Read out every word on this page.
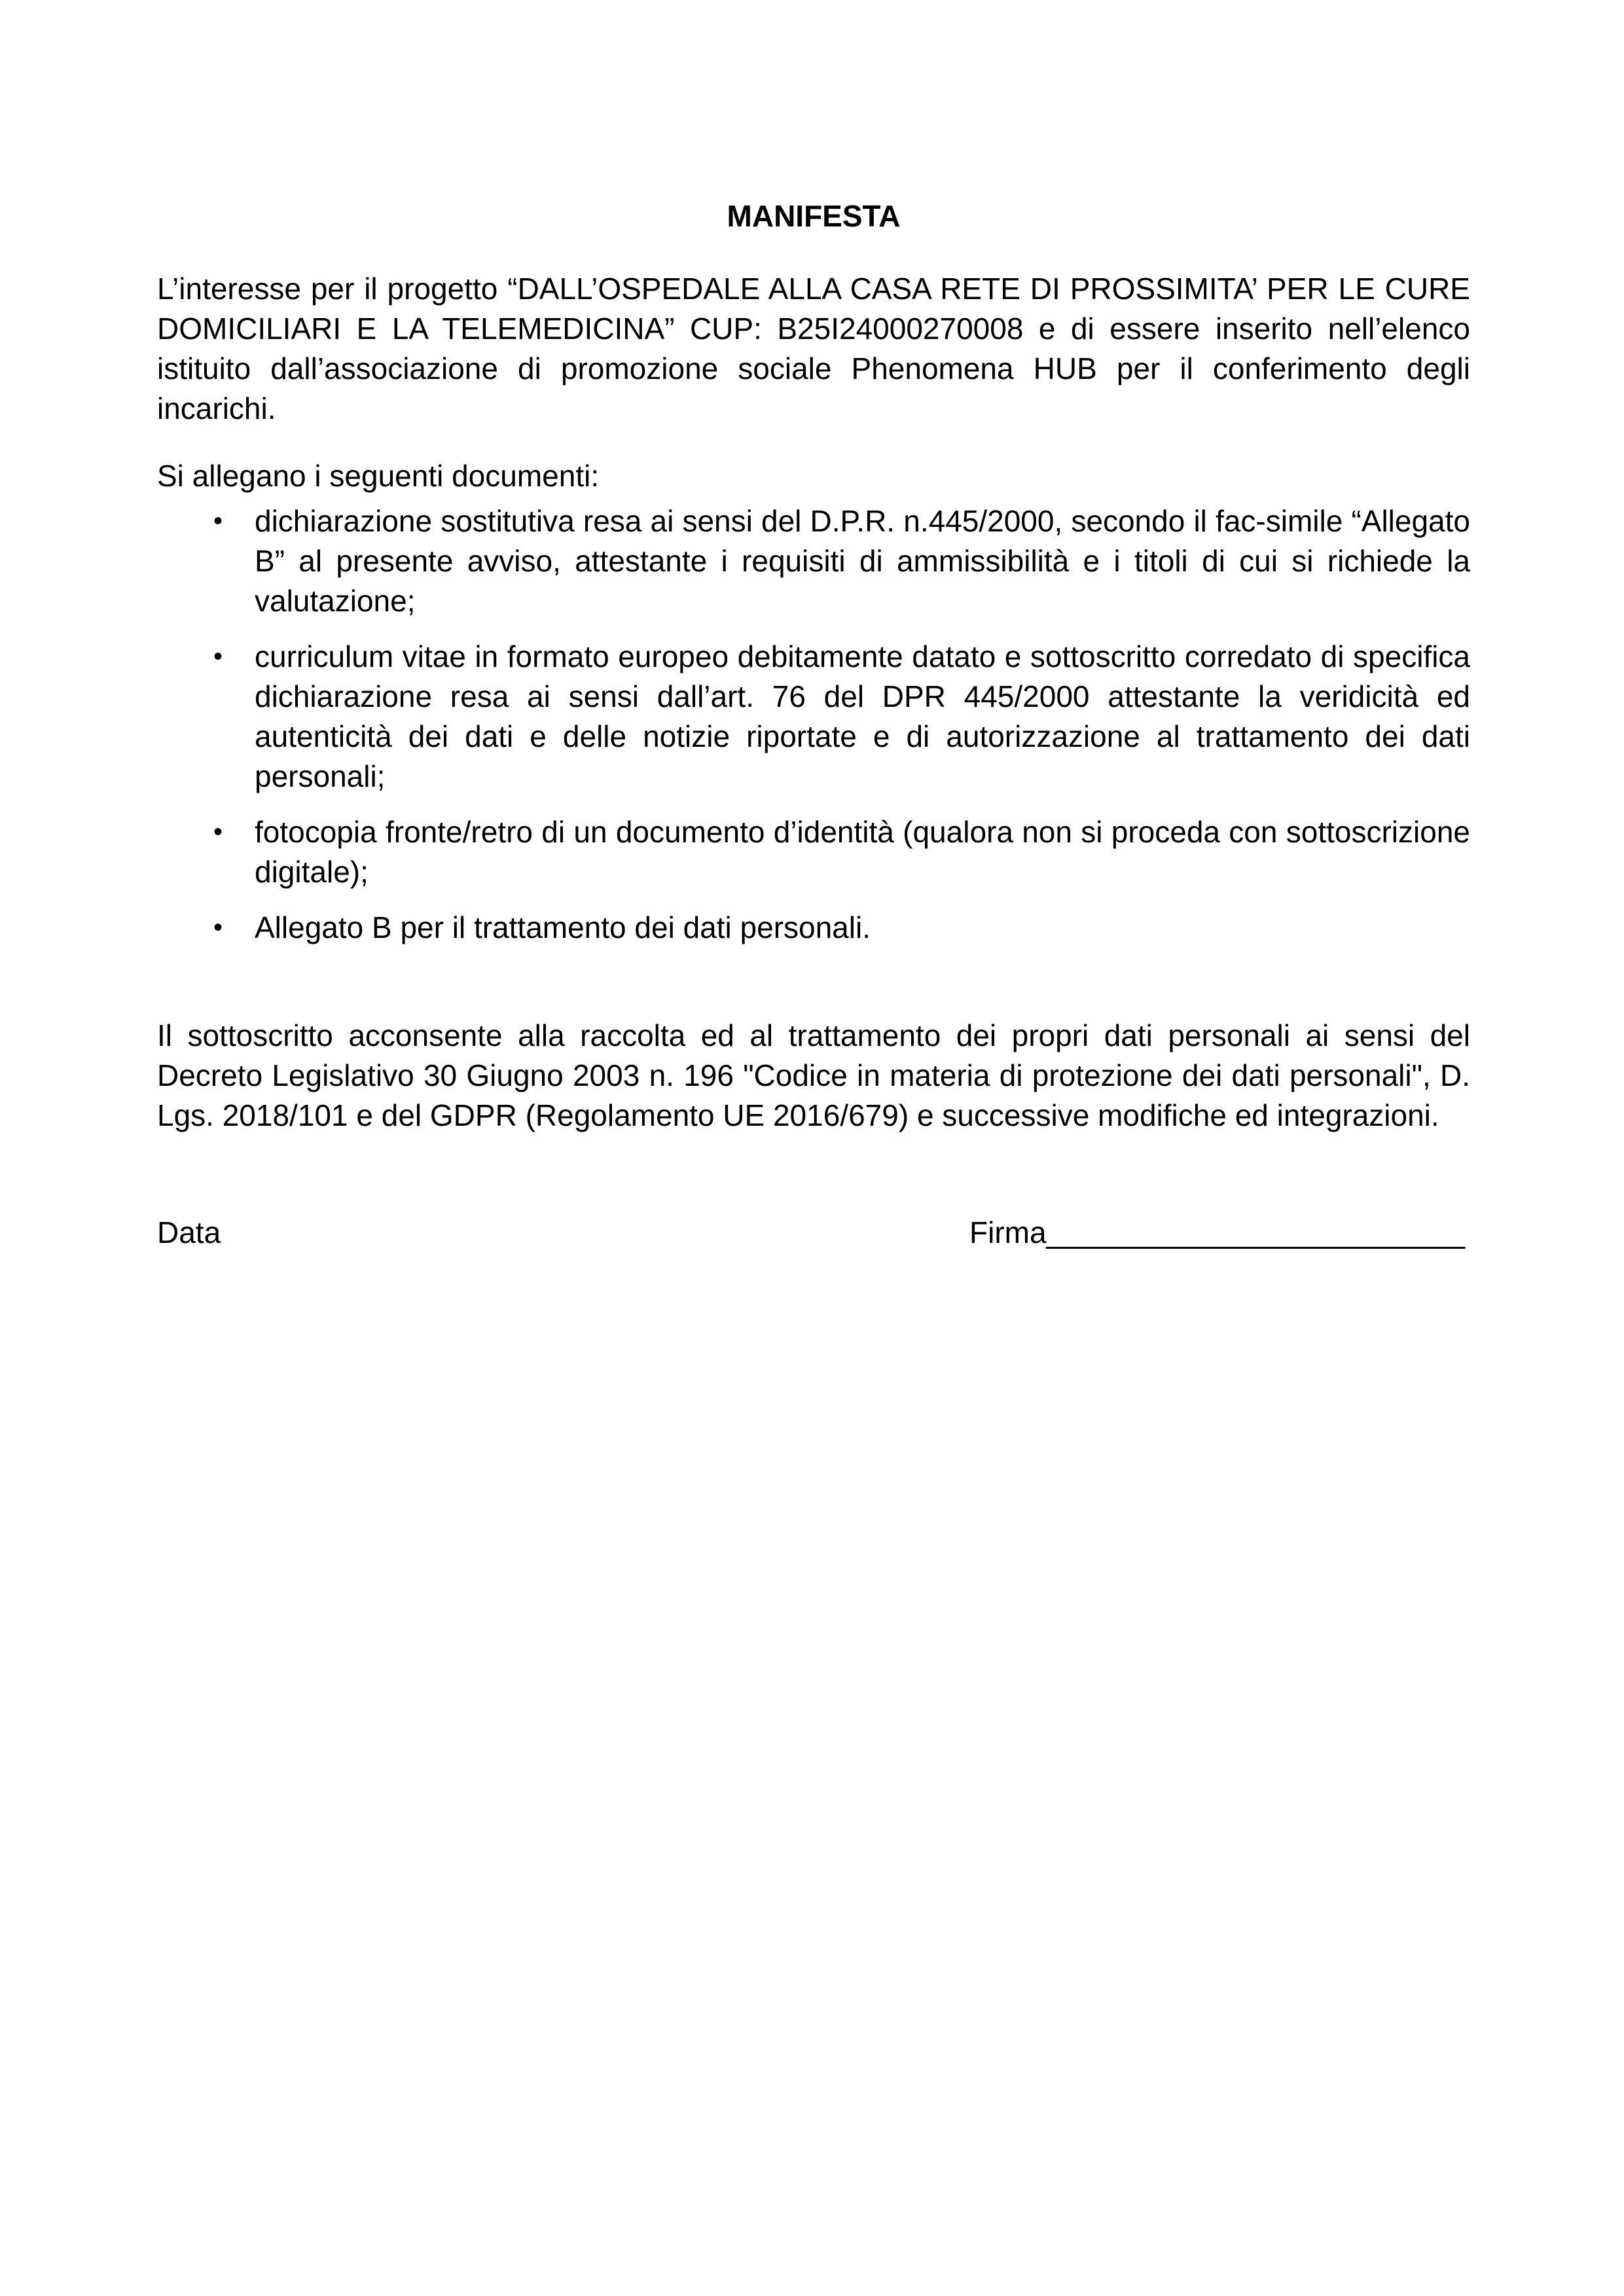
MANIFESTA

L’interesse per il progetto “DALL’OSPEDALE ALLA CASA RETE DI PROSSIMITA’ PER LE CURE DOMICILIARI E LA TELEMEDICINA” CUP: B25I24000270008 e di essere inserito nell’elenco istituito dall’associazione di promozione sociale Phenomena HUB per il conferimento degli incarichi.

Si allegano i seguenti documenti:

• dichiarazione sostitutiva resa ai sensi del D.P.R. n.445/2000, secondo il fac-simile “Allegato B” al presente avviso, attestante i requisiti di ammissibilità e i titoli di cui si richiede la valutazione;
• curriculum vitae in formato europeo debitamente datato e sottoscritto corredato di specifica dichiarazione resa ai sensi dall’art. 76 del DPR 445/2000 attestante la veridicità ed autenticità dei dati e delle notizie riportate e di autorizzazione al trattamento dei dati personali;
• fotocopia fronte/retro di un documento d’identità (qualora non si proceda con sottoscrizione digitale);
• Allegato B per il trattamento dei dati personali.

Il sottoscritto acconsente alla raccolta ed al trattamento dei propri dati personali ai sensi del Decreto Legislativo 30 Giugno 2003 n. 196 "Codice in materia di protezione dei dati personali", D. Lgs. 2018/101 e del GDPR (Regolamento UE 2016/679) e successive modifiche ed integrazioni.

Data	Firma_________________________
